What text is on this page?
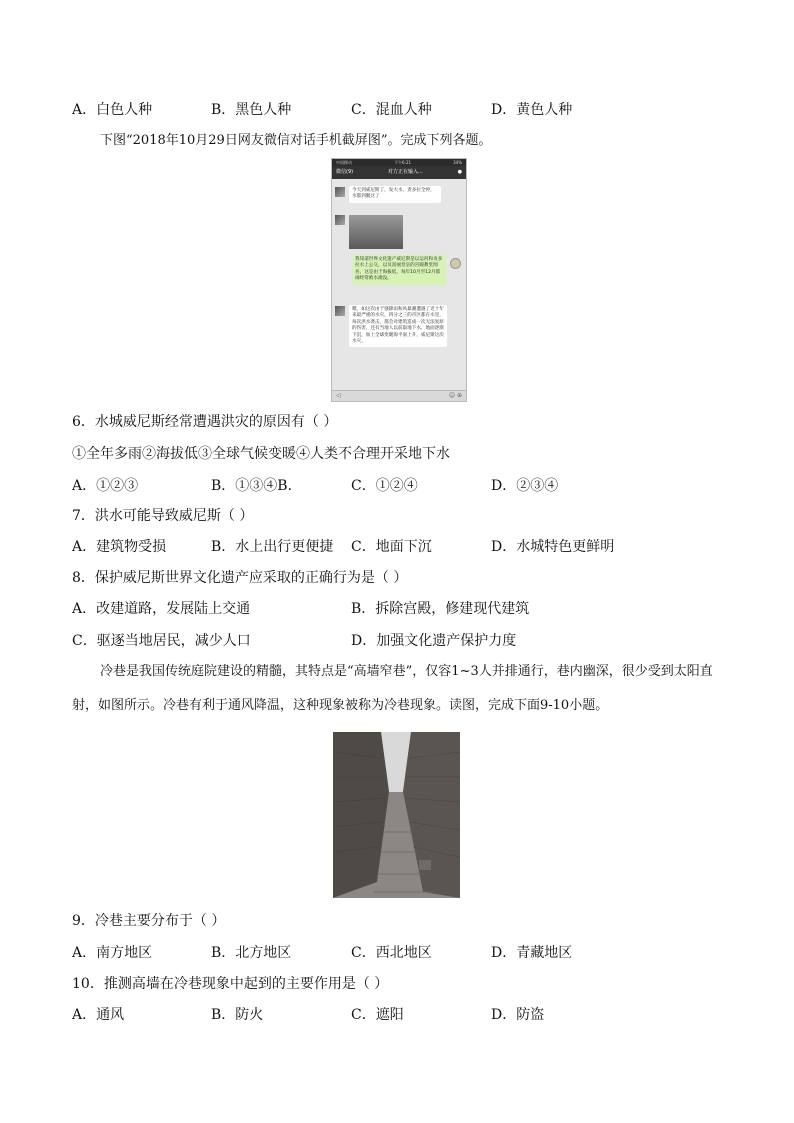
A．白色人种	B．黑色人种	C．混血人种	D．黄色人种
下图“2018年10月29日网友微信对话手机截屏图”。完成下列各题。
中国移动	下午6:21	34%
微信(9)	对方正在输入...	●
今天到威尼斯了，发大水，责多拉全停，水都到腿这了
我知道世界文化遗产威尼斯是以运河和贡多拉水上公交，以及富丽堂皇的宫殿教堂闻名，这是由于海拔低，每年10月至12月都闹经常被水淹没。
嗯，如这次由于强降雨和风暴潮遭遇了近十年来最严重的水灾，四分之三的市区都在水里，每次洪水袭击，都会对建筑造成一次无法复原的伤害，还有当地人以前取地下水，地面逐渐下沉，加上全球变暖海平面上升，威尼斯这次水灾。
◁	☺ ⊕
6．水城威尼斯经常遭遇洪灾的原因有（ ）
①全年多雨②海拔低③全球气候变暖④人类不合理开采地下水
A．①②③	B．①③④B．	C．①②④	D．②③④
7．洪水可能导致威尼斯（ ）
A．建筑物受损	B．水上出行更便捷 C．地面下沉	D．水城特色更鲜明
8．保护威尼斯世界文化遗产应采取的正确行为是（ ）
A．改建道路，发展陆上交通	B．拆除宫殿，修建现代建筑
C．驱逐当地居民，减少人口	D．加强文化遗产保护力度
冷巷是我国传统庭院建设的精髓，其特点是“高墙窄巷”，仅容1~3人并排通行，巷内幽深，很少受到太阳直射，如图所示。冷巷有利于通风降温，这种现象被称为冷巷现象。读图，完成下面9-10小题。
9．冷巷主要分布于（ ）
A．南方地区	B．北方地区	C．西北地区	D．青藏地区
10．推测高墙在冷巷现象中起到的主要作用是（ ）
A．通风	B．防火	C．遮阳	D．防盗
